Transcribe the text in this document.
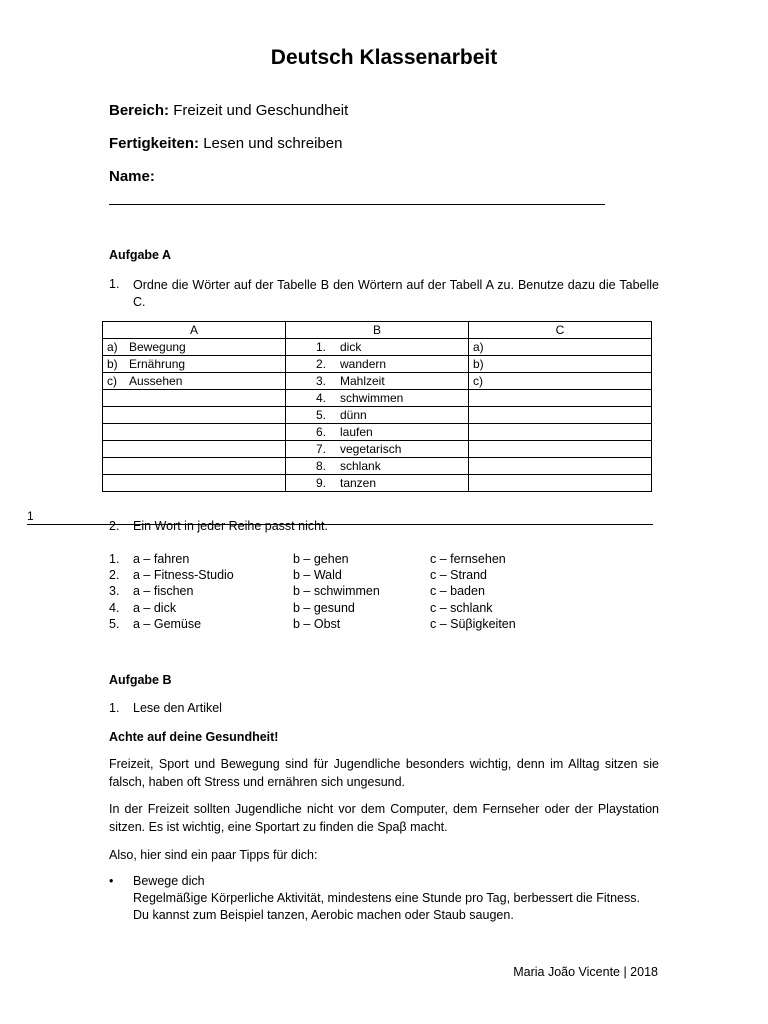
Deutsch Klassenarbeit
Bereich: Freizeit und Geschundheit
Fertigkeiten: Lesen und schreiben
Name:
Aufgabe A
1.	Ordne die Wörter auf der Tabelle B den Wörtern auf der Tabell A zu. Benutze dazu die Tabelle C.
A	B	C
a) Bewegung	1. dick	a)
b) Ernährung	2. wandern	b)
c) Aussehen	3. Mahlzeit	c)
	4. schwimmen	
	5. dünn	
	6. laufen	
	7. vegetarisch	
	8. schlank	
	9. tanzen	
1
2. Ein Wort in jeder Reihe passt nicht.
1. a – fahren	b – gehen	c – fernsehen
2. a – Fitness-Studio	b – Wald	c – Strand
3. a – fischen	b – schwimmen	c – baden
4. a – dick	b – gesund	c – schlank
5. a – Gemüse	b – Obst	c – Süβigkeiten
Aufgabe B
1. Lese den Artikel
Achte auf deine Gesundheit!
Freizeit, Sport und Bewegung sind für Jugendliche besonders wichtig, denn im Alltag sitzen sie falsch, haben oft Stress und ernähren sich ungesund.
In der Freizeit sollten Jugendliche nicht vor dem Computer, dem Fernseher oder der Playstation sitzen. Es ist wichtig, eine Sportart zu finden die Spaβ macht.
Also, hier sind ein paar Tipps für dich:
• Bewege dich
Regelmäßige Körperliche Aktivität, mindestens eine Stunde pro Tag, berbessert die Fitness.
Du kannst zum Beispiel tanzen, Aerobic machen oder Staub saugen.
Maria João Vicente | 2018
